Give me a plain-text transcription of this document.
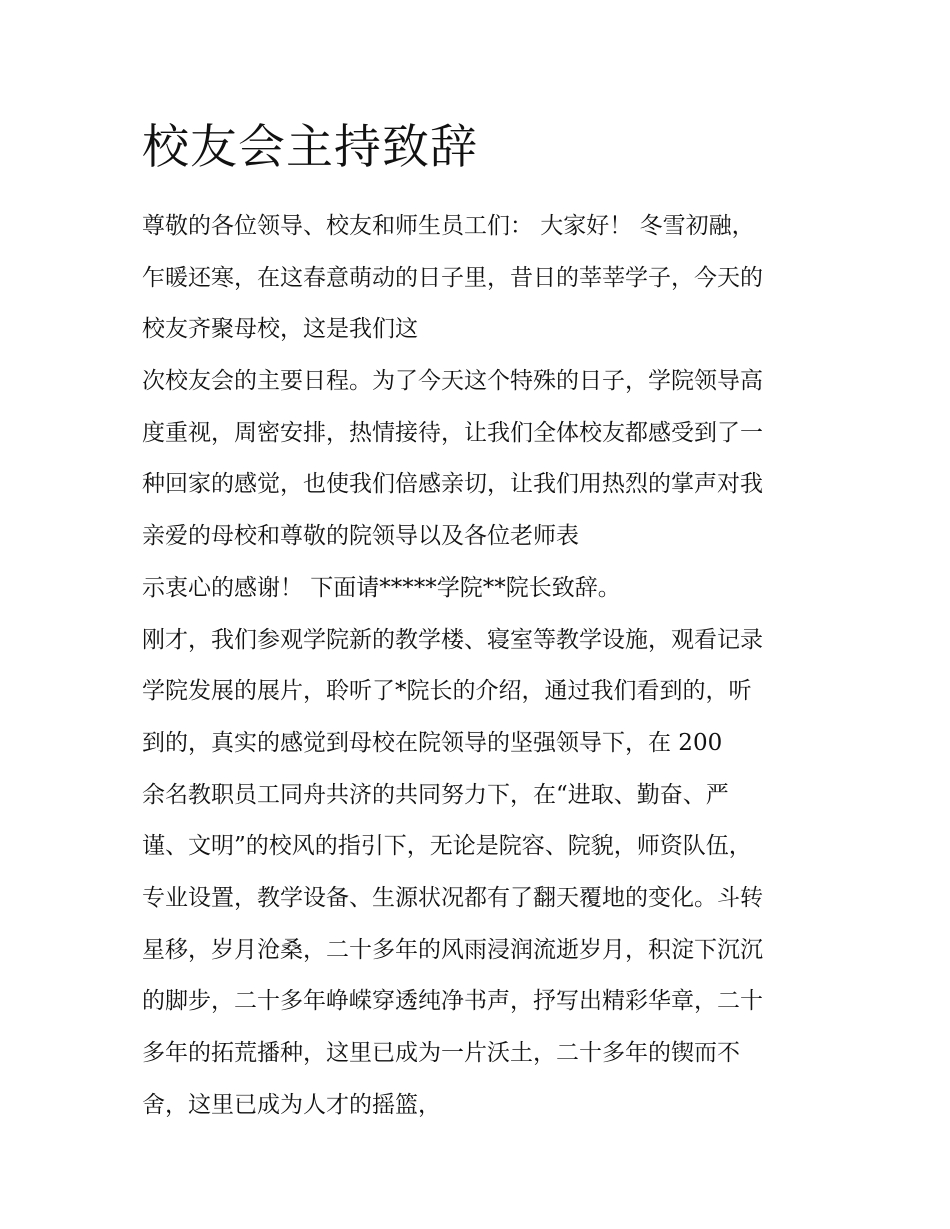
校友会主持致辞
尊敬的各位领导、校友和师生员工们： 大家好！ 冬雪初融，
乍暖还寒，在这春意萌动的日子里，昔日的莘莘学子，今天的
校友齐聚母校，这是我们这
次校友会的主要日程。为了今天这个特殊的日子，学院领导高
度重视，周密安排，热情接待，让我们全体校友都感受到了一
种回家的感觉，也使我们倍感亲切，让我们用热烈的掌声对我
亲爱的母校和尊敬的院领导以及各位老师表
示衷心的感谢！ 下面请*****学院**院长致辞。
刚才，我们参观学院新的教学楼、寝室等教学设施，观看记录
学院发展的展片，聆听了*院长的介绍，通过我们看到的，听
到的，真实的感觉到母校在院领导的坚强领导下，在 200
余名教职员工同舟共济的共同努力下，在“进取、勤奋、严
谨、文明”的校风的指引下，无论是院容、院貌，师资队伍，
专业设置，教学设备、生源状况都有了翻天覆地的变化。斗转
星移，岁月沧桑，二十多年的风雨浸润流逝岁月，积淀下沉沉
的脚步，二十多年峥嵘穿透纯净书声，抒写出精彩华章，二十
多年的拓荒播种，这里已成为一片沃土，二十多年的锲而不
舍，这里已成为人才的摇篮，
